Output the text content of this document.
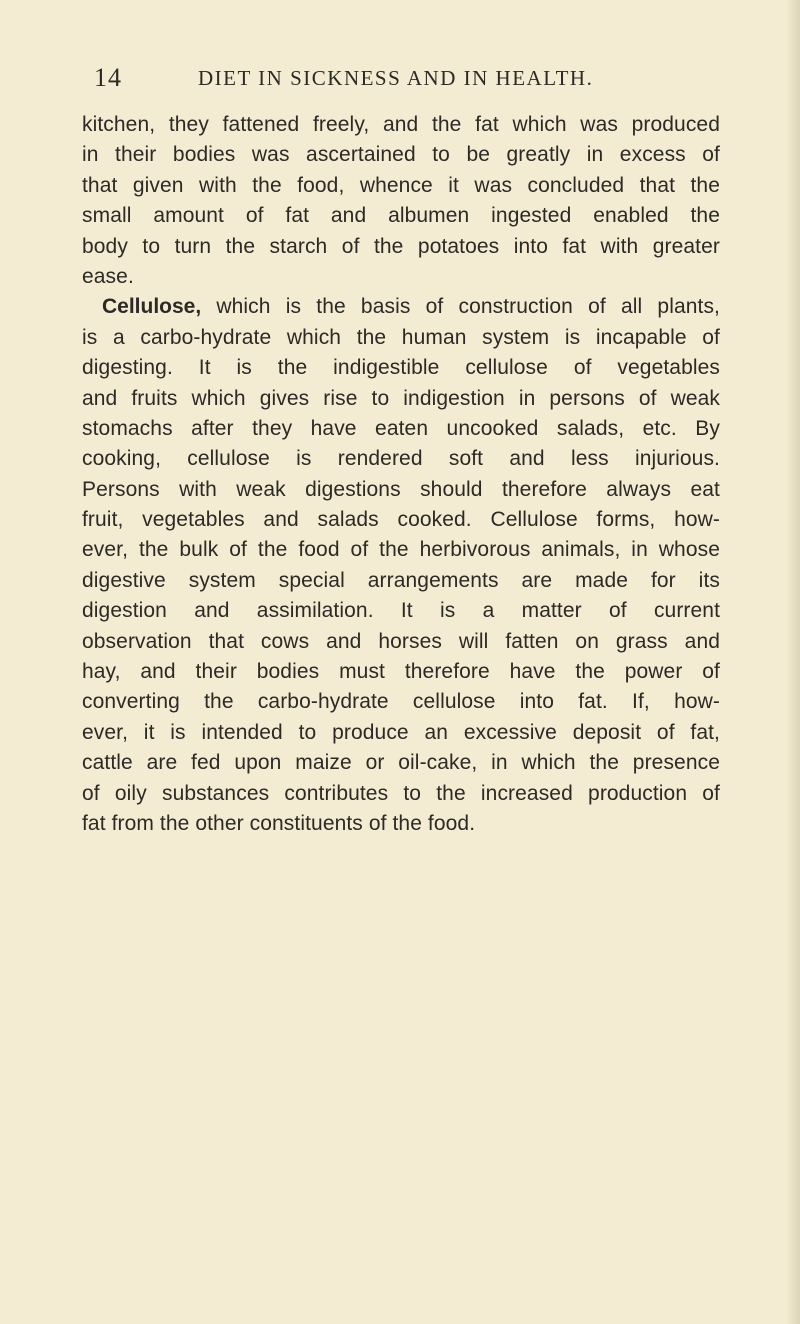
14	DIET IN SICKNESS AND IN HEALTH.
kitchen, they fattened freely, and the fat which was produced
in their bodies was ascertained to be greatly in excess of
that given with the food, whence it was concluded that the
small amount of fat and albumen ingested enabled the
body to turn the starch of the potatoes into fat with greater
ease.
Cellulose, which is the basis of construction of all plants,
is a carbo-hydrate which the human system is incapable of
digesting. It is the indigestible cellulose of vegetables
and fruits which gives rise to indigestion in persons of weak
stomachs after they have eaten uncooked salads, etc. By
cooking, cellulose is rendered soft and less injurious.
Persons with weak digestions should therefore always eat
fruit, vegetables and salads cooked. Cellulose forms, how-
ever, the bulk of the food of the herbivorous animals, in whose
digestive system special arrangements are made for its
digestion and assimilation. It is a matter of current
observation that cows and horses will fatten on grass and
hay, and their bodies must therefore have the power of
converting the carbo-hydrate cellulose into fat. If, how-
ever, it is intended to produce an excessive deposit of fat,
cattle are fed upon maize or oil-cake, in which the presence
of oily substances contributes to the increased production of
fat from the other constituents of the food.
